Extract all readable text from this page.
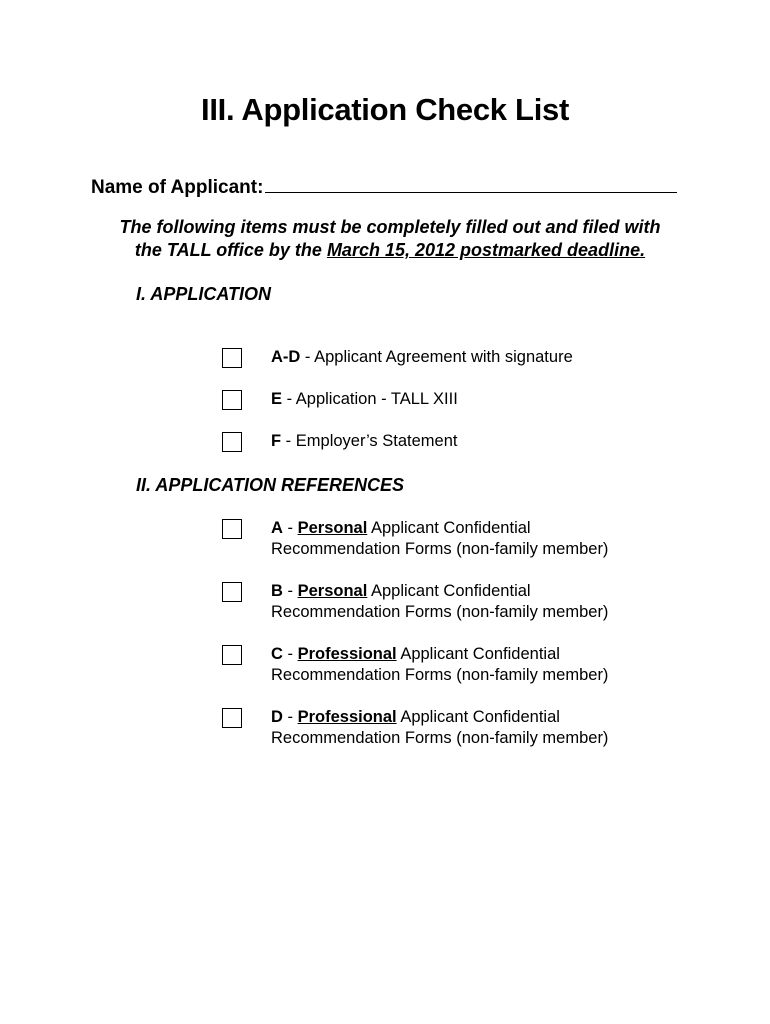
III. Application Check List
Name of Applicant:
The following items must be completely filled out and filed with
the TALL office by the March 15, 2012 postmarked deadline.
I. APPLICATION
A-D - Applicant Agreement with signature
E - Application - TALL XIII
F - Employer’s Statement
II. APPLICATION REFERENCES
A - Personal Applicant Confidential
Recommendation Forms (non-family member)
B - Personal Applicant Confidential
Recommendation Forms (non-family member)
C - Professional Applicant Confidential
Recommendation Forms (non-family member)
D - Professional Applicant Confidential
Recommendation Forms (non-family member)
